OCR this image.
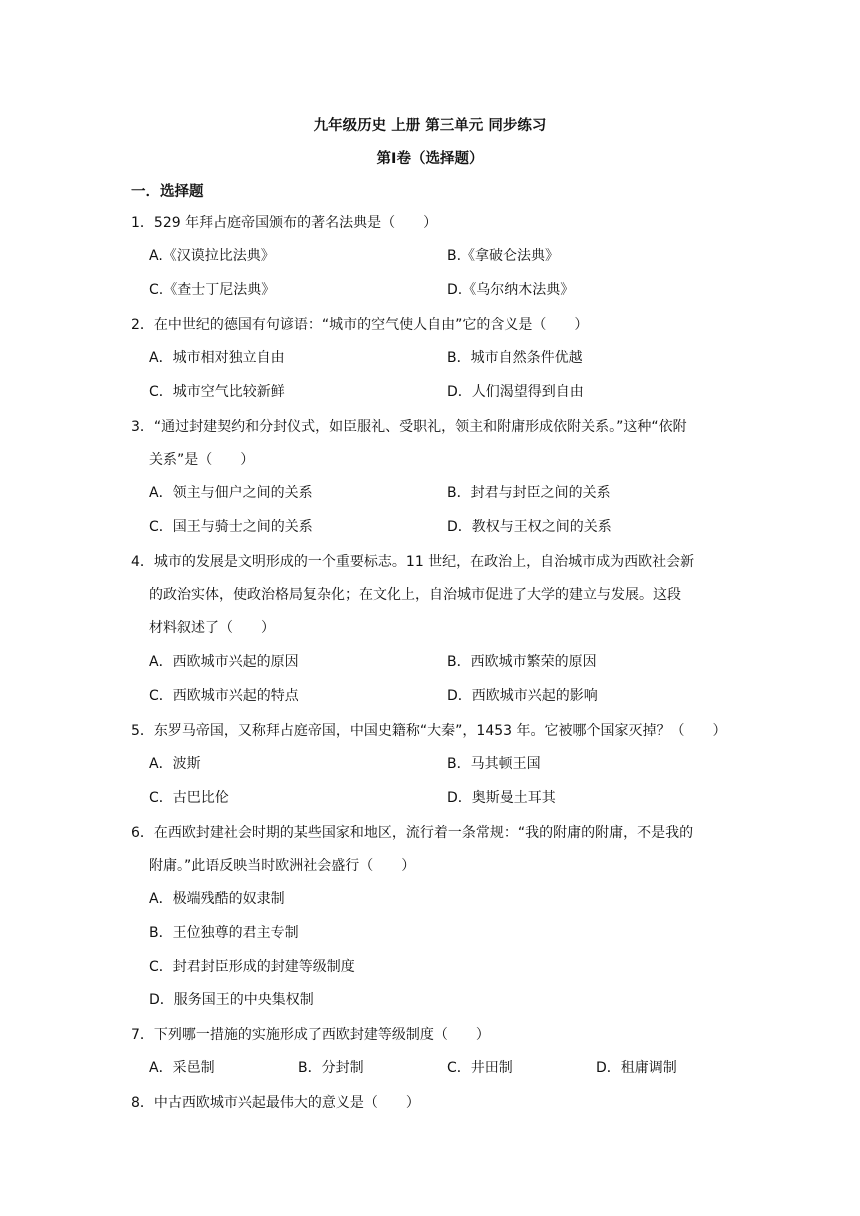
九年级历史 上册 第三单元 同步练习
第Ⅰ卷（选择题）
一．选择题
1．529 年拜占庭帝国颁布的著名法典是（　　）
A.《汉谟拉比法典》	B.《拿破仑法典》
C.《查士丁尼法典》	D.《乌尔纳木法典》
2．在中世纪的德国有句谚语：“城市的空气使人自由”它的含义是（　　）
A．城市相对独立自由	B．城市自然条件优越
C．城市空气比较新鲜	D．人们渴望得到自由
3．“通过封建契约和分封仪式，如臣服礼、受职礼，领主和附庸形成依附关系。”这种“依附
关系”是（　　）
A．领主与佃户之间的关系	B．封君与封臣之间的关系
C．国王与骑士之间的关系	D．教权与王权之间的关系
4．城市的发展是文明形成的一个重要标志。11 世纪，在政治上，自治城市成为西欧社会新
的政治实体，使政治格局复杂化；在文化上，自治城市促进了大学的建立与发展。这段
材料叙述了（　　）
A．西欧城市兴起的原因	B．西欧城市繁荣的原因
C．西欧城市兴起的特点	D．西欧城市兴起的影响
5．东罗马帝国，又称拜占庭帝国，中国史籍称“大秦”，1453 年。它被哪个国家灭掉？（　　）
A．波斯	B．马其顿王国
C．古巴比伦	D．奥斯曼土耳其
6．在西欧封建社会时期的某些国家和地区，流行着一条常规：“我的附庸的附庸，不是我的
附庸。”此语反映当时欧洲社会盛行（　　）
A．极端残酷的奴隶制
B．王位独尊的君主专制
C．封君封臣形成的封建等级制度
D．服务国王的中央集权制
7．下列哪一措施的实施形成了西欧封建等级制度（　　）
A．采邑制	B．分封制	C．井田制	D．租庸调制
8．中古西欧城市兴起最伟大的意义是（　　）
